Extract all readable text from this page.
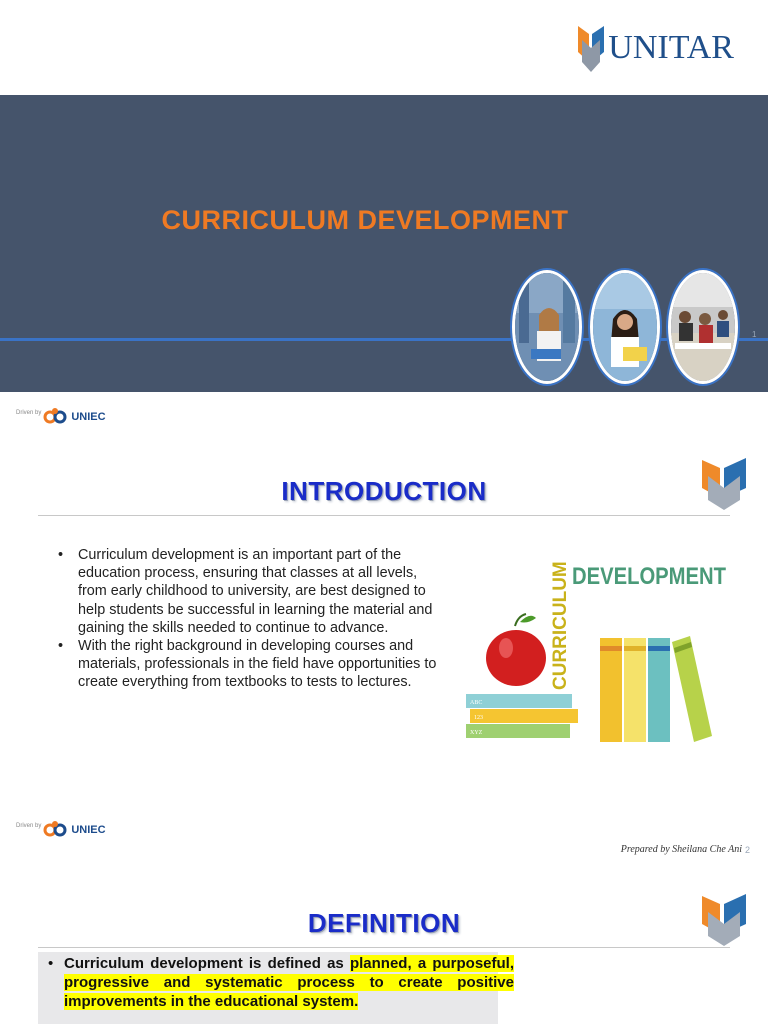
UNITAR
CURRICULUM DEVELOPMENT
1
Driven by	UNIEC
INTRODUCTION
• Curriculum development is an important part of the education process, ensuring that classes at all levels, from early childhood to university, are best designed to help students be successful in learning the material and gaining the skills needed to continue to advance.
• With the right background in developing courses and materials, professionals in the field have opportunities to create everything from textbooks to tests to lectures.	CURRICULUM DEVELOPMENT
ABC
123
XYZ
Driven by	UNIEC
Prepared by Sheilana Che Ani 2
DEFINITION

• Curriculum development is defined as planned, a purposeful, progressive and systematic process to create positive improvements in the educational system.
